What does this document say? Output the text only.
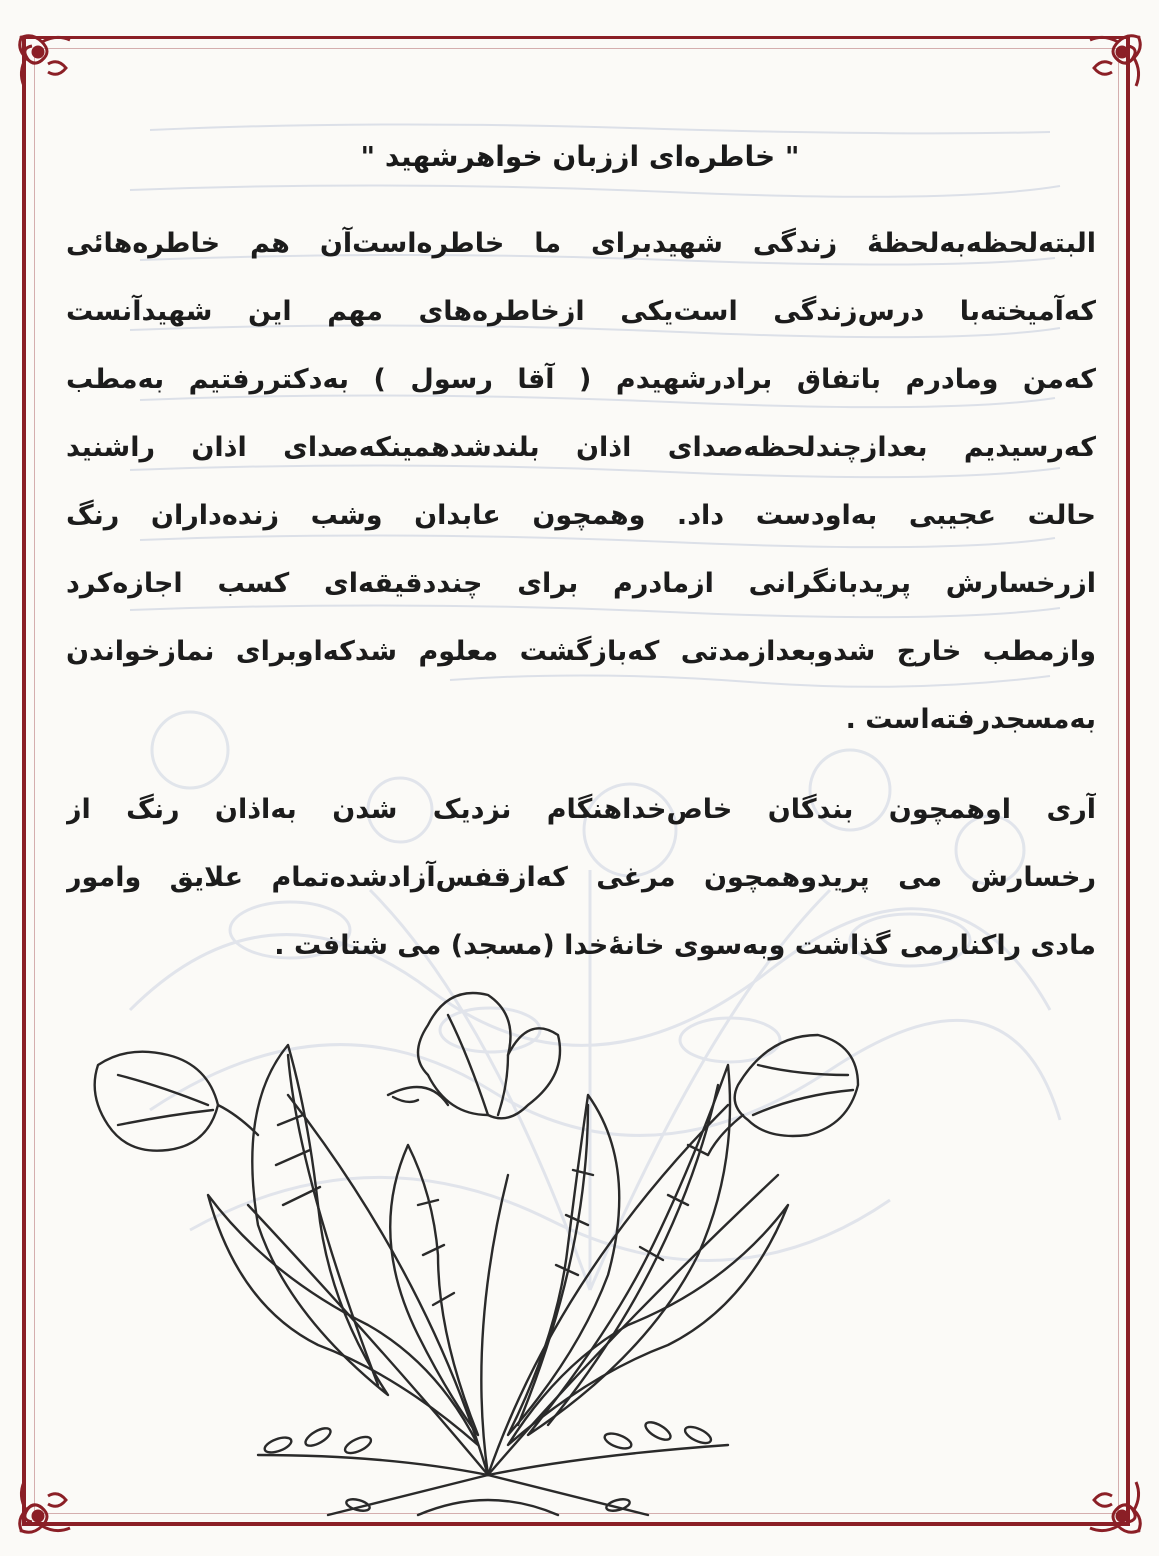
" خاطره‌ای اززبان خواهرشهید "
البته‌لحظه‌به‌لحظهٔ زندگی شهیدبرای ما خاطره‌است‌آن هم خاطره‌هائی
که‌آمیخته‌با درس‌زندگی است‌یکی ازخاطره‌های مهم این شهیدآنست
که‌من ومادرم باتفاق برادرشهیدم ( آقا رسول ) به‌دکتررفتیم به‌مطب
که‌رسیدیم بعدازچندلحظه‌صدای اذان بلندشدهمینکه‌صدای اذان راشنید
حالت عجیبی به‌اودست داد. وهمچون عابدان وشب زنده‌داران رنگ
ازرخسارش پریدبانگرانی ازمادرم برای چنددقیقه‌ای کسب اجازه‌کرد
وازمطب خارج شدوبعدازمدتی که‌بازگشت معلوم شدکه‌اوبرای نمازخواندن
به‌مسجدرفته‌است .
آری اوهمچون بندگان خاص‌خداهنگام نزدیک شدن به‌اذان رنگ از
رخسارش می پریدوهمچون مرغی که‌ازقفس‌آزادشده‌تمام علایق وامور
مادی راکنارمی گذاشت وبه‌سوی خانهٔ‌خدا (مسجد) می شتافت .
